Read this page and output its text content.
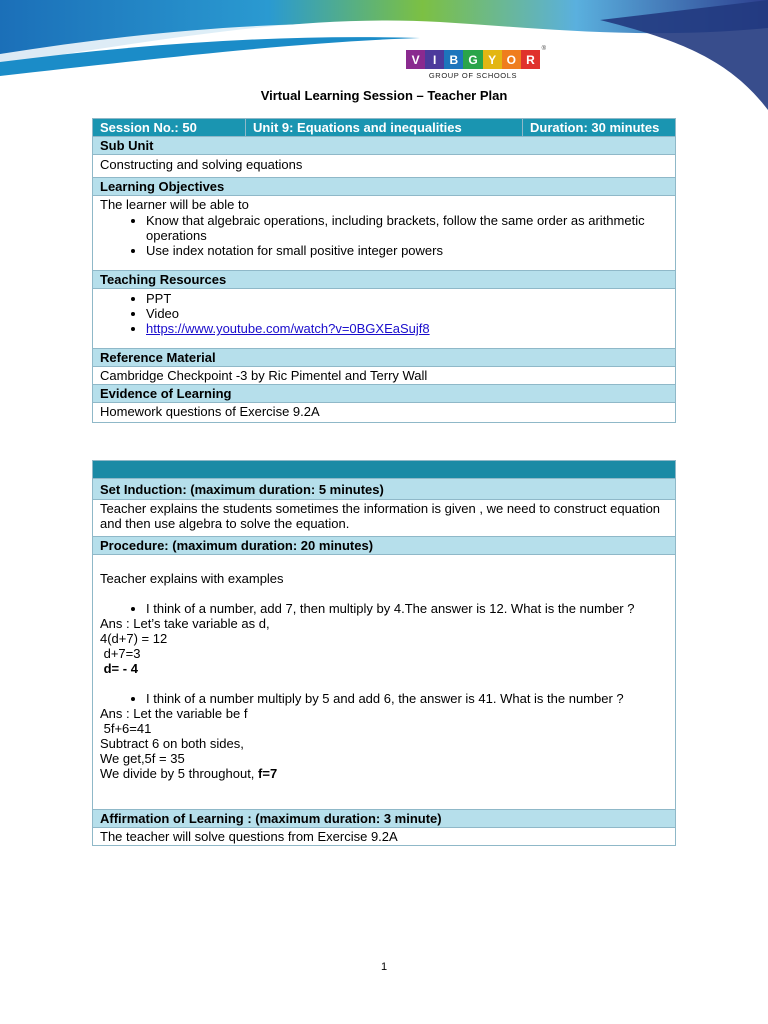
V	I	B G Y O R
GROUP OF SCHOOLS
®
Virtual Learning Session – Teacher Plan
Session No.: 50	Unit 9: Equations and inequalities	Duration: 30 minutes
Sub Unit
Constructing and solving equations
Learning Objectives

The learner will be able to
• Know that algebraic operations, including brackets, follow the same order as arithmetic operations
• Use index notation for small positive integer powers

Teaching Resources

• PPT
• Video
• https://www.youtube.com/watch?v=0BGXEaSujf8

Reference Material
Cambridge Checkpoint -3 by Ric Pimentel and Terry Wall
Evidence of Learning
Homework questions of Exercise 9.2A

Set Induction: (maximum duration: 5 minutes)
Teacher explains the students sometimes the information is given , we need to construct equation and then use algebra to solve the equation.
Procedure: (maximum duration: 20 minutes)

Teacher explains with examples
• I think of a number, add 7, then multiply by 4.The answer is 12. What is the number ?
Ans : Let’s take variable as d,
4(d+7) = 12
d+7=3
d= - 4
• I think of a number multiply by 5 and add 6, the answer is 41. What is the number ?
Ans : Let the variable be f
5f+6=41
Subtract 6 on both sides,
We get,5f = 35
We divide by 5 throughout, f=7

Affirmation of Learning : (maximum duration: 3 minute)
The teacher will solve questions from Exercise 9.2A
1
